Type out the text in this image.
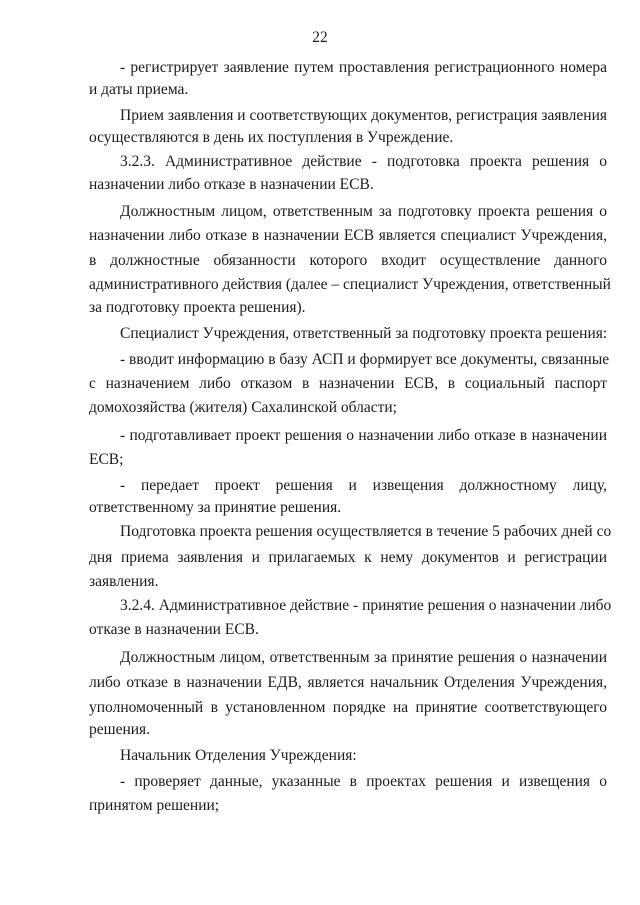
22
- регистрирует заявление путем проставления регистрационного номера
и даты приема.
Прием заявления и соответствующих документов, регистрация заявления
осуществляются в день их поступления в Учреждение.
3.2.3. Административное действие - подготовка проекта решения о
назначении либо отказе в назначении ЕСВ.
Должностным лицом, ответственным за подготовку проекта решения о
назначении либо отказе в назначении ЕСВ является специалист Учреждения,
в должностные обязанности которого входит осуществление данного
административного действия (далее – специалист Учреждения, ответственный
за подготовку проекта решения).
Специалист Учреждения, ответственный за подготовку проекта решения:
- вводит информацию в базу АСП и формирует все документы, связанные
с назначением либо отказом в назначении ЕСВ, в социальный паспорт
домохозяйства (жителя) Сахалинской области;
- подготавливает проект решения о назначении либо отказе в назначении
ЕСВ;
- передает проект решения и извещения должностному лицу,
ответственному за принятие решения.
Подготовка проекта решения осуществляется в течение 5 рабочих дней со
дня приема заявления и прилагаемых к нему документов и регистрации
заявления.
3.2.4. Административное действие - принятие решения о назначении либо
отказе в назначении ЕСВ.
Должностным лицом, ответственным за принятие решения о назначении
либо отказе в назначении ЕДВ, является начальник Отделения Учреждения,
уполномоченный в установленном порядке на принятие соответствующего
решения.
Начальник Отделения Учреждения:
- проверяет данные, указанные в проектах решения и извещения о
принятом решении;
